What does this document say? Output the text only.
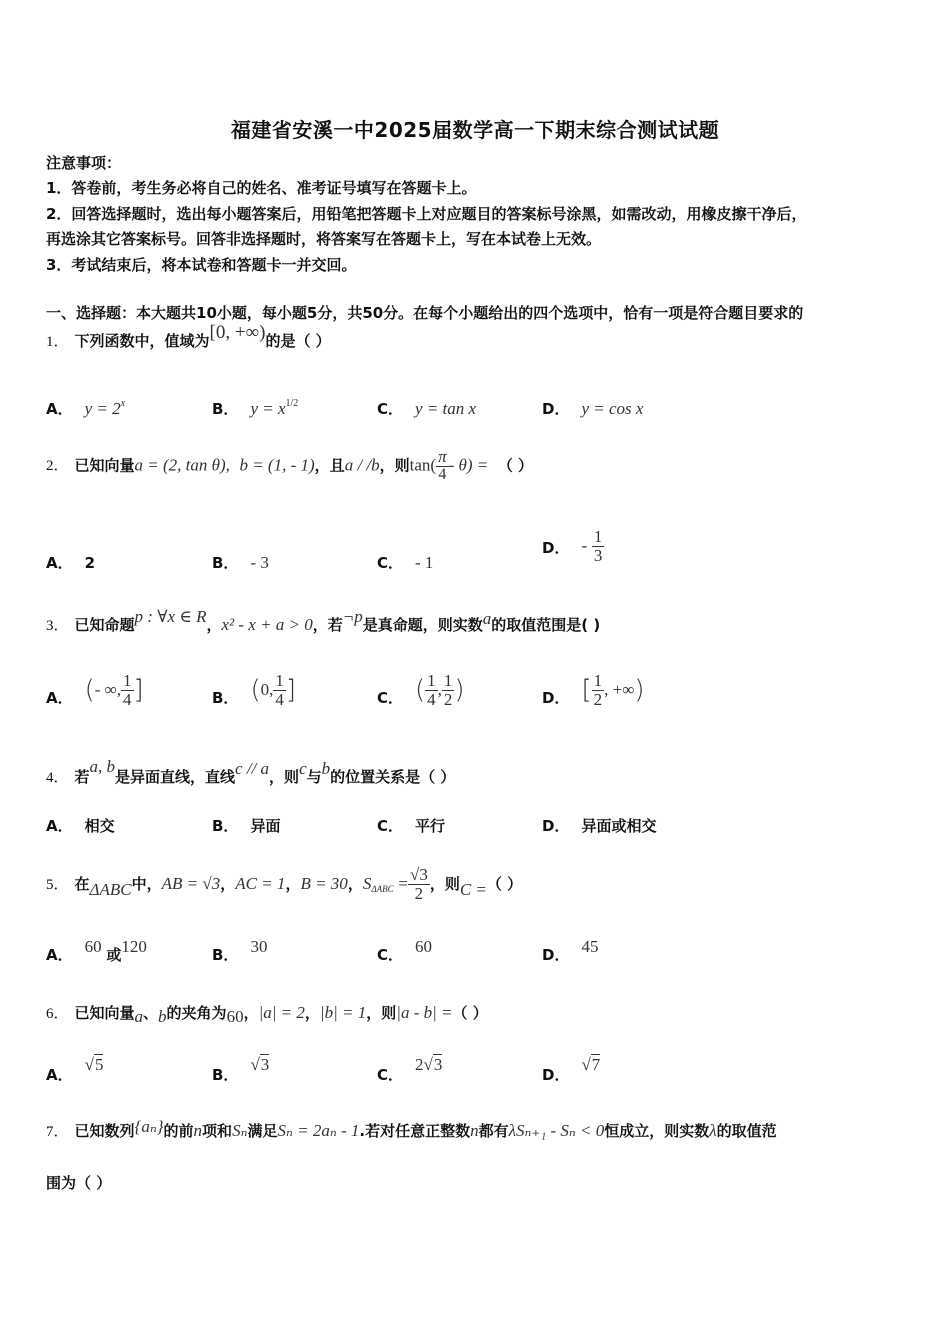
福建省安溪一中2025届数学高一下期末综合测试试题
注意事项：
1．答卷前，考生务必将自己的姓名、准考证号填写在答题卡上。
2．回答选择题时，选出每小题答案后，用铅笔把答题卡上对应题目的答案标号涂黑，如需改动，用橡皮擦干净后，
再选涂其它答案标号。回答非选择题时，将答案写在答题卡上，写在本试卷上无效。
3．考试结束后，将本试卷和答题卡一并交回。
一、选择题：本大题共10小题，每小题5分，共50分。在每个小题给出的四个选项中，恰有一项是符合题目要求的
1． 下列函数中，值域为[0, +∞)的是（ ）
A． $y = 2^x$	B． $y = x^{1/2}$	C． y = tan x	D． y = cos x
2． 已知向量a = (2, tan θ), b = (1, - 1)，且a / /b，则$\tan( \frac{\pi}{4} - \theta)$ = （ ）
A． 2	B． - 3	C． - 1
D． - $\frac{1}{3}$
3． 已知命题p : ∀x ∈ R，x² - x + a > 0，若¬p是真命题，则实数a的取值范围是( )
A． (- ∞, $\frac{1}{4}$ ]	B． (0, $\frac{1}{4}$ ]	C． ( $\frac{1}{4}$ , $\frac{1}{2}$ )	D． [ $\frac{1}{2}$ , +∞)
4． 若a, b是异面直线，直线c // a，则c与b的位置关系是（ ）
A． 相交	B． 异面	C． 平行	D． 异面或相交
5． 在ΔABC中，AB = √3，AC = 1，B = 30，$S_{\Delta ABC} = \frac{√3}{2}$ ，则C =（ ）
A． 60 或120	B． 30	C． 60	D． 45
6． 已知向量a、b的夹角为60，|a| = 2，|b| = 1，则|a - b| =（ ）
A．√5
B．√3
C．2√3
D．√7
7． 已知数列{aₙ}的前n项和Sₙ满足Sₙ = 2aₙ - 1.若对任意正整数n都有λSₙ₊₁ - Sₙ < 0恒成立，则实数λ的取值范
围为（ ）
